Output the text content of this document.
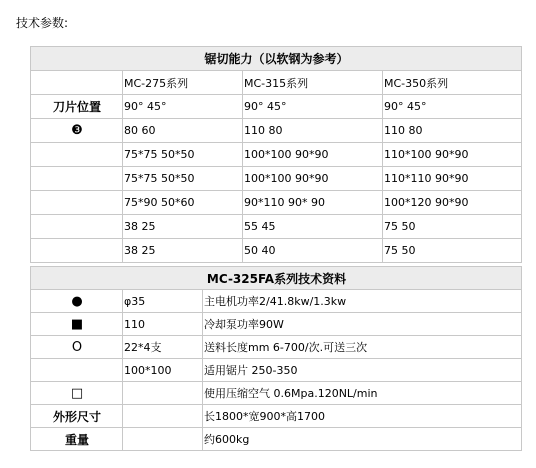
技术参数:
锯切能力（以软钢为参考）			
	MC-275系列	MC-315系列	MC-350系列
刀片位置	90° 45°	90° 45°	90° 45°
❸	80 60	110 80	110 80
	75*75 50*50	100*100 90*90	110*100 90*90
	75*75 50*50	100*100 90*90	110*110 90*90
	75*90 50*60	90*110 90* 90	100*120 90*90
	38 25	55 45	75 50
	38 25	50 40	75 50
MC-325FA系列技术资料		
●	φ35	主电机功率2/41.8kw/1.3kw
■	110	冷却泵功率90W
O	22*4支	送料长度mm 6-700/次.可送三次
	100*100	适用锯片 250-350
□		使用压缩空气 0.6Mpa.120NL/min
外形尺寸		长1800*宽900*高1700
重量		约600kg
